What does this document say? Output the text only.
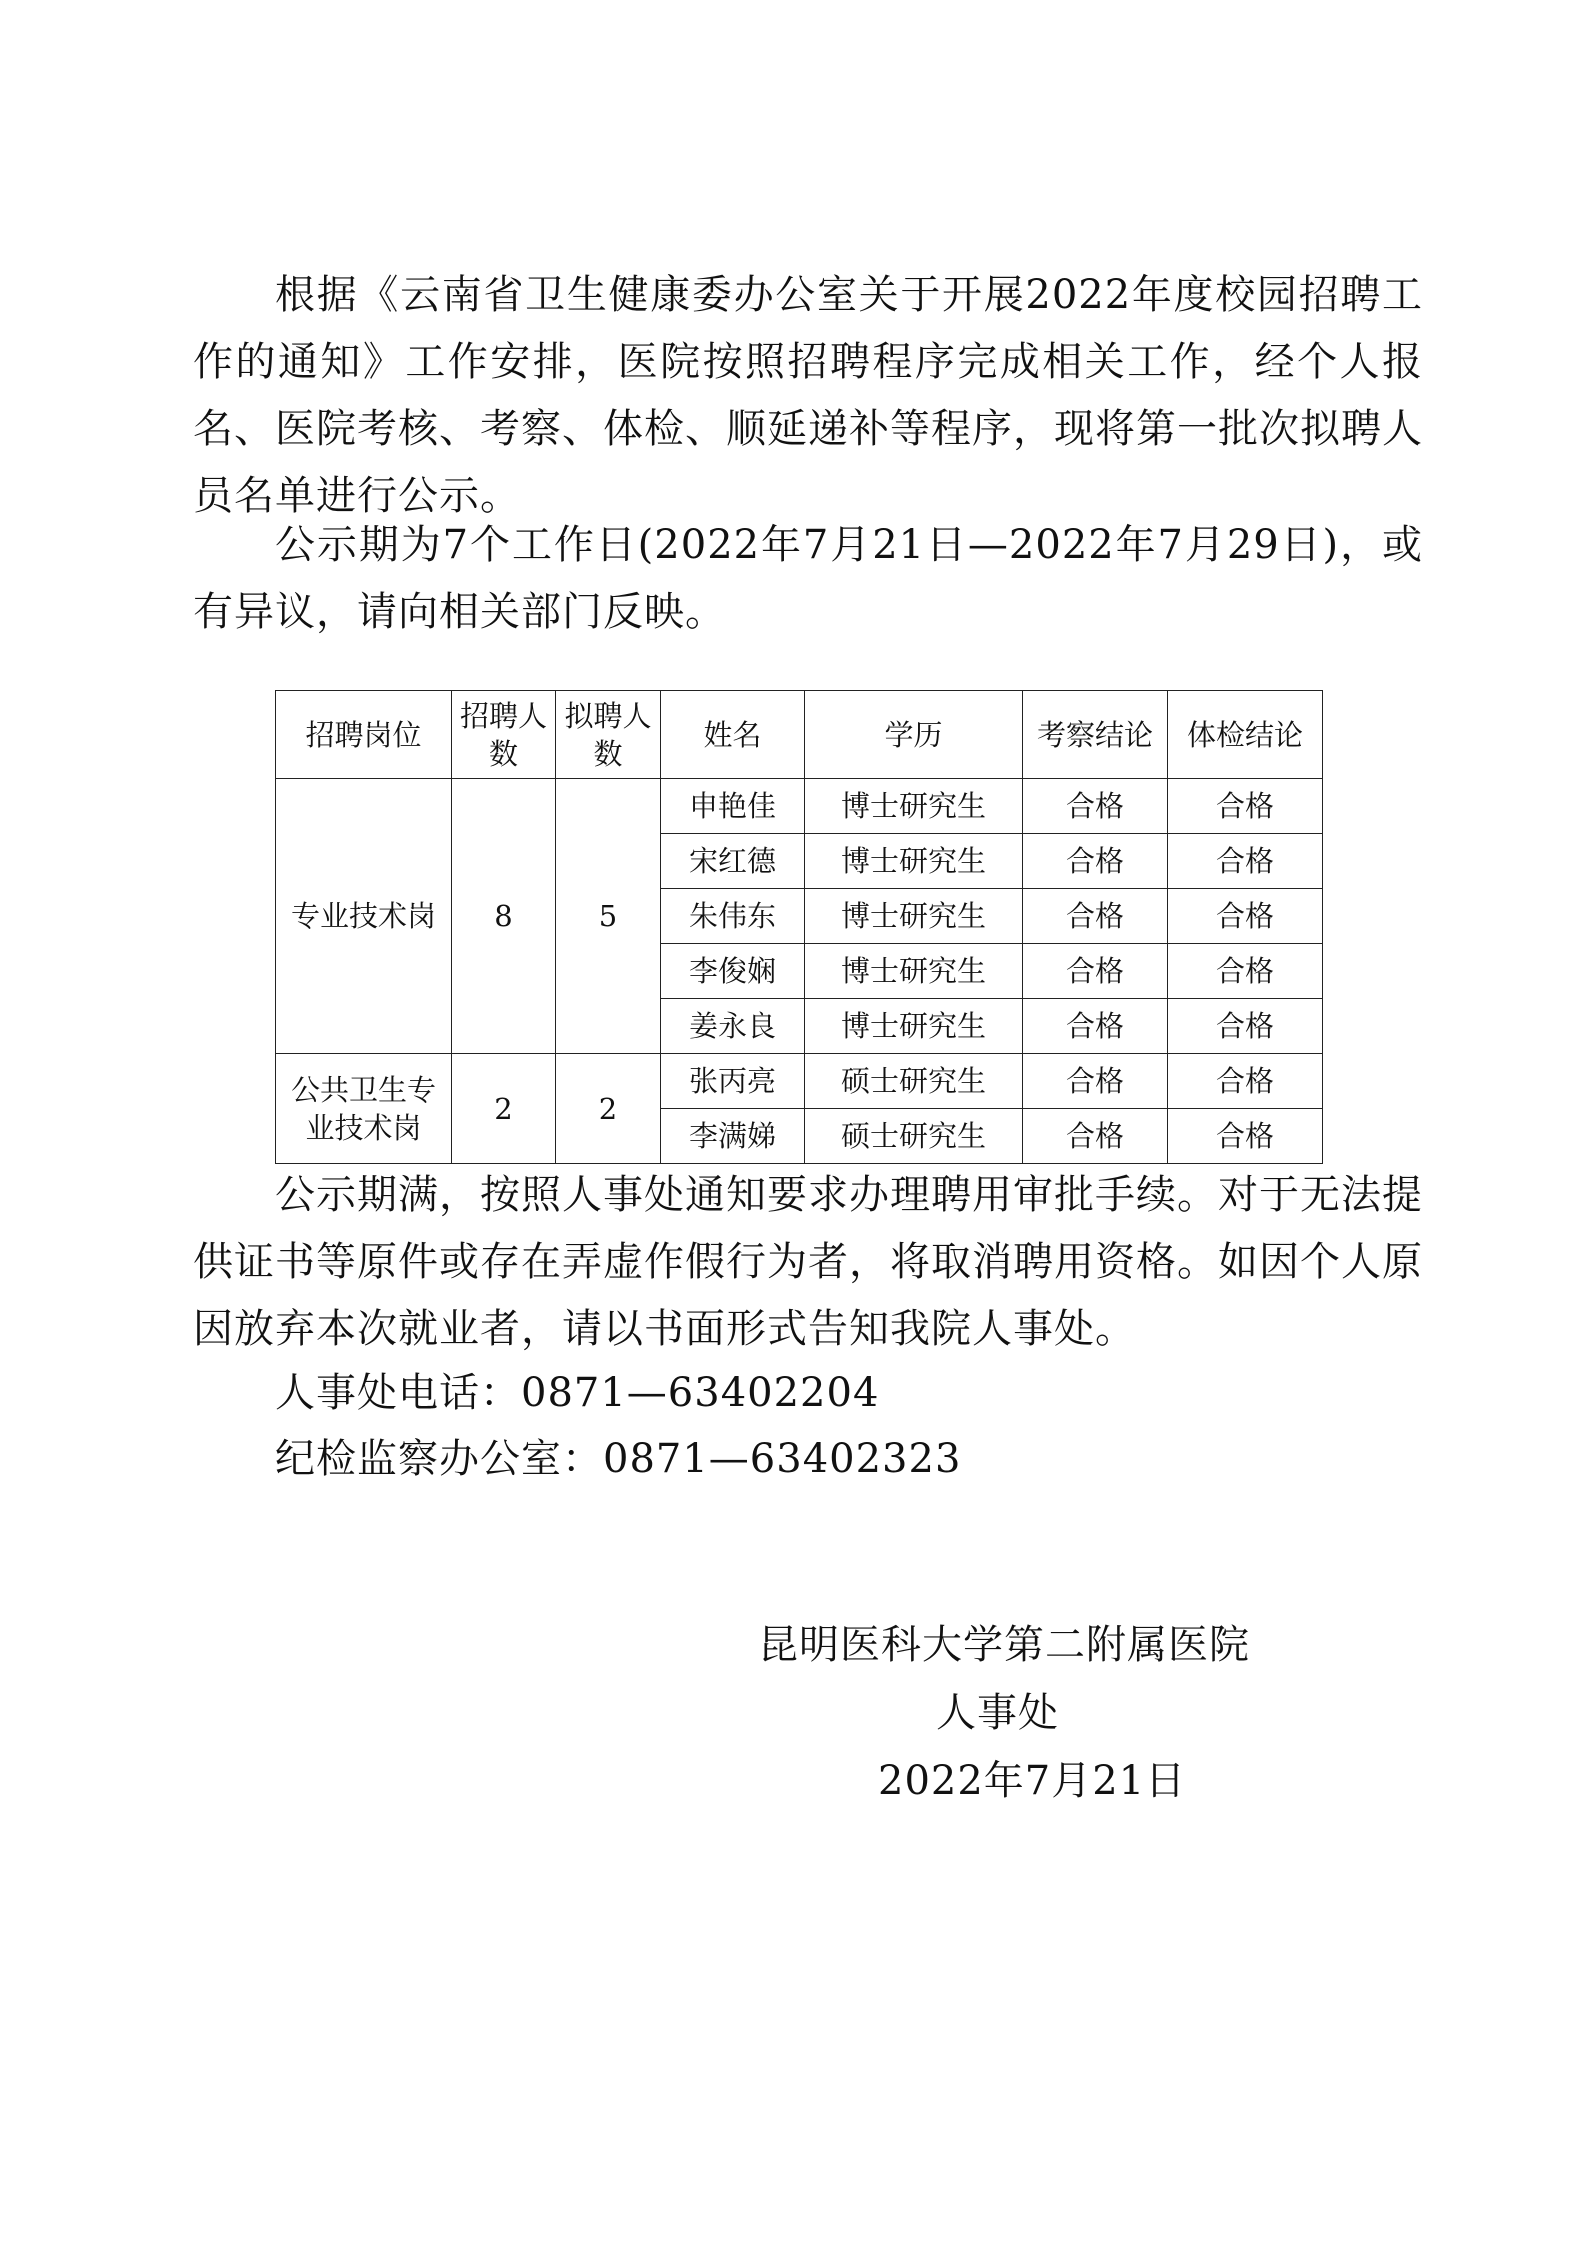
根据《云南省卫生健康委办公室关于开展2022年度校园招聘工作的通知》工作安排，医院按照招聘程序完成相关工作，经个人报名、医院考核、考察、体检、顺延递补等程序，现将第一批次拟聘人员名单进行公示。

公示期为7个工作日(2022年7月21日—2022年7月29日)，或有异议，请向相关部门反映。

招聘岗位	招聘人数	拟聘人数	姓名	学历	考察结论	体检结论
专业技术岗	8	5	申艳佳	博士研究生	合格	合格
			宋红德	博士研究生	合格	合格
			朱伟东	博士研究生	合格	合格
			李俊娴	博士研究生	合格	合格
			姜永良	博士研究生	合格	合格
公共卫生专业技术岗	2	2	张丙亮	硕士研究生	合格	合格
			李满娣	硕士研究生	合格	合格

公示期满，按照人事处通知要求办理聘用审批手续。对于无法提供证书等原件或存在弄虚作假行为者，将取消聘用资格。如因个人原因放弃本次就业者，请以书面形式告知我院人事处。

人事处电话：0871—63402204

纪检监察办公室：0871—63402323

昆明医科大学第二附属医院
人事处
2022年7月21日
